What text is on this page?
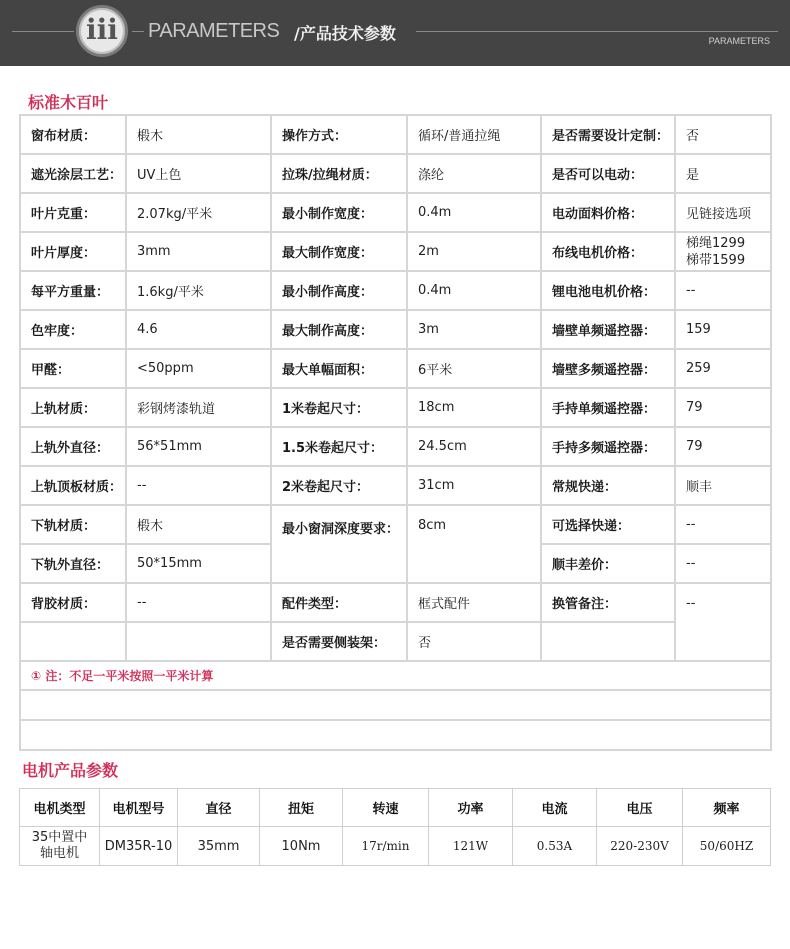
iii	PARAMETERS /产品技术参数	PARAMETERS
标准木百叶
窗布材质：	椴木	操作方式：	循环/普通拉绳	是否需要设计定制：	否
遮光涂层工艺：	UV上色	拉珠/拉绳材质：	涤纶	是否可以电动：	是
叶片克重：	2.07kg/平米	最小制作宽度：	0.4m	电动面料价格：	见链接选项
叶片厚度：	3mm	最大制作宽度：	2m	布线电机价格：	梯绳1299
梯带1599
每平方重量：	1.6kg/平米	最小制作高度：	0.4m	锂电池电机价格：	--
色牢度：	4.6	最大制作高度：	3m	墙壁单频遥控器：	159
甲醛：	<50ppm	最大单幅面积：	6平米	墙壁多频遥控器：	259
上轨材质：	彩钢烤漆轨道	1米卷起尺寸：	18cm	手持单频遥控器：	79
上轨外直径：	56*51mm	1.5米卷起尺寸：	24.5cm	手持多频遥控器：	79
上轨顶板材质：	--	2米卷起尺寸：	31cm	常规快递：	顺丰
下轨材质：	椴木	最小窗洞深度要求：	8cm	可选择快递：	--
下轨外直径：	50*15mm			顺丰差价：	--
背胶材质：	--	配件类型：	框式配件	换管备注：	--
		是否需要侧装架：	否		
① 注：不足一平米按照一平米计算					

电机产品参数
电机类型	电机型号	直径	扭矩	转速	功率	电流	电压	频率
35中置中
轴电机	DM35R-10	35mm	10Nm	17r/min	121W	0.53A	220-230V	50/60HZ
